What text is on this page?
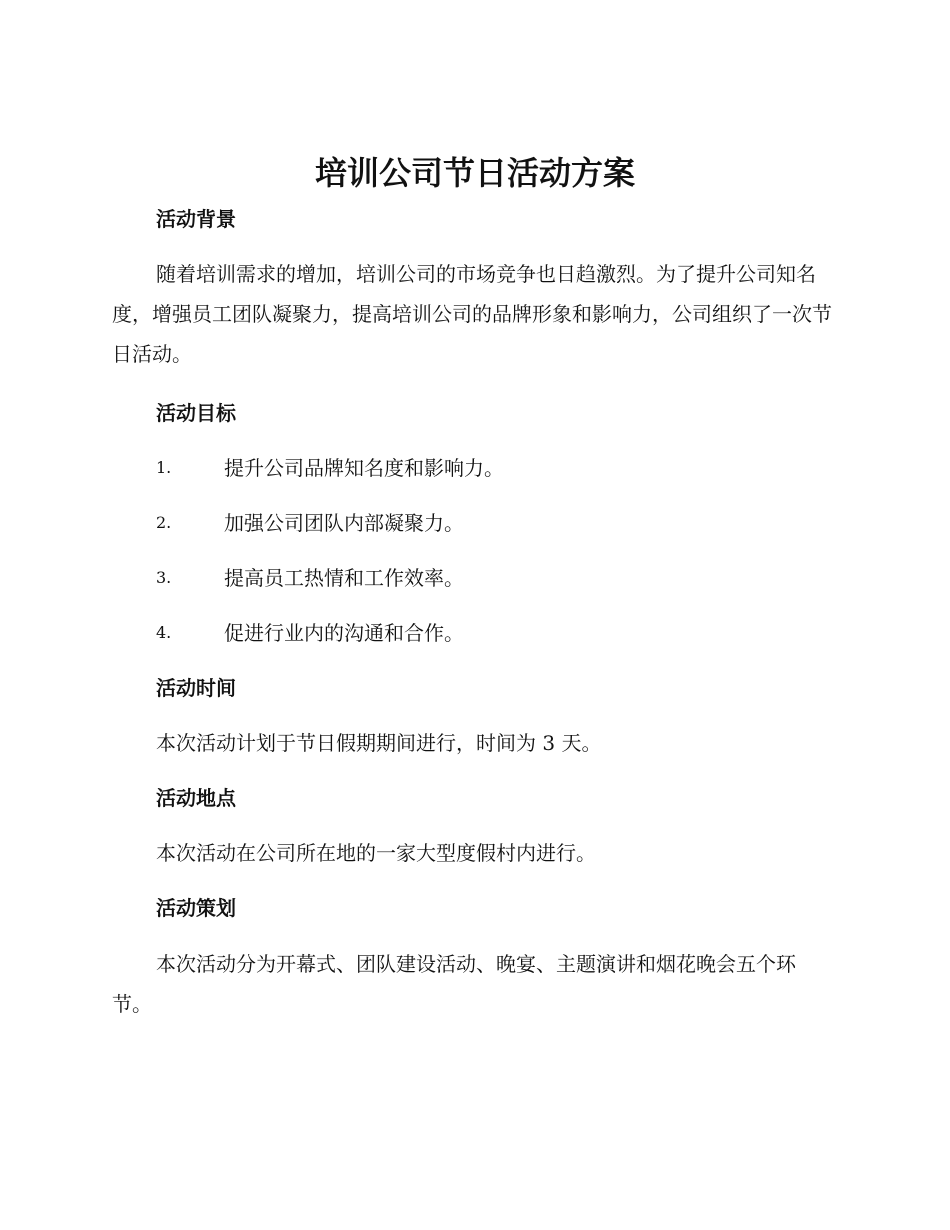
培训公司节日活动方案
活动背景

随着培训需求的增加，培训公司的市场竞争也日趋激烈。为了提升公司知名度，增强员工团队凝聚力，提高培训公司的品牌形象和影响力，公司组织了一次节日活动。

活动目标
1.	提升公司品牌知名度和影响力。
2.	加强公司团队内部凝聚力。
3.	提高员工热情和工作效率。
4.	促进行业内的沟通和合作。
活动时间

本次活动计划于节日假期期间进行，时间为 3 天。

活动地点

本次活动在公司所在地的一家大型度假村内进行。

活动策划

本次活动分为开幕式、团队建设活动、晚宴、主题演讲和烟花晚会五个环节。
